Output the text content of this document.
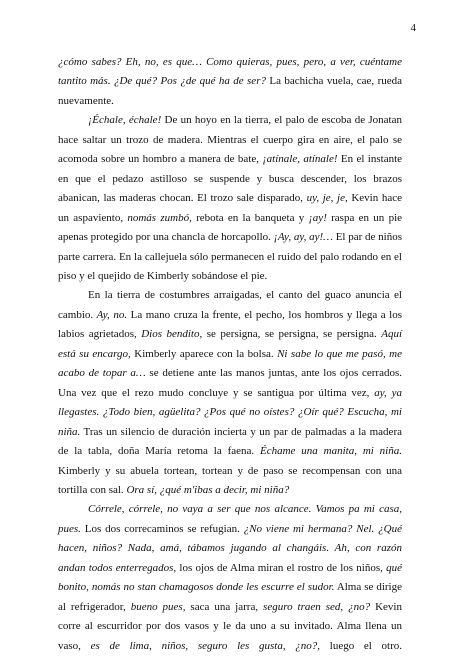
4

¿cómo sabes? Eh, no, es que… Como quieras, pues, pero, a ver, cuéntame tantito más. ¿De qué? Pos ¿de qué ha de ser? La bachicha vuela, cae, rueda nuevamente.

¡Échale, échale! De un hoyo en la tierra, el palo de escoba de Jonatan hace saltar un trozo de madera. Mientras el cuerpo gira en aire, el palo se acomoda sobre un hombro a manera de bate, ¡atínale, atínale! En el instante en que el pedazo astilloso se suspende y busca descender, los brazos abanican, las maderas chocan. El trozo sale disparado, uy, je, je, Kevin hace un aspaviento, nomás zumbó, rebota en la banqueta y ¡ay! raspa en un pie apenas protegido por una chancla de horcapollo. ¡Ay, ay, ay!… El par de niños parte carrera. En la callejuela sólo permanecen el ruido del palo rodando en el piso y el quejido de Kimberly sobándose el pie.

En la tierra de costumbres arraigadas, el canto del guaco anuncia el cambio. Ay, no. La mano cruza la frente, el pecho, los hombros y llega a los labios agrietados, Dios bendito, se persigna, se persigna, se persigna. Aquí está su encargo, Kimberly aparece con la bolsa. Ni sabe lo que me pasó, me acabo de topar a… se detiene ante las manos juntas, ante los ojos cerrados. Una vez que el rezo mudo concluye y se santigua por última vez, ay, ya llegastes. ¿Todo bien, agüelita? ¿Pos qué no oístes? ¿Oír qué? Escucha, mi niña. Tras un silencio de duración incierta y un par de palmadas a la madera de la tabla, doña María retoma la faena. Échame una manita, mi niña. Kimberly y su abuela tortean, tortean y de paso se recompensan con una tortilla con sal. Ora sí, ¿qué m'ibas a decir, mi niña?

Córrele, córrele, no vaya a ser que nos alcance. Vamos pa mi casa, pues. Los dos correcaminos se refugian. ¿No viene mi hermana? Nel. ¿Qué hacen, niños? Nada, amá, tábamos jugando al changáis. Ah, con razón andan todos enterregados, los ojos de Alma miran el rostro de los niños, qué bonito, nomás no stan chamagosos donde les escurre el sudor. Alma se dirige al refrigerador, bueno pues, saca una jarra, seguro traen sed, ¿no? Kevin corre al escurridor por dos vasos y le da uno a su invitado. Alma llena un vaso, es de lima, niños, seguro les gusta, ¿no?, luego el otro.
